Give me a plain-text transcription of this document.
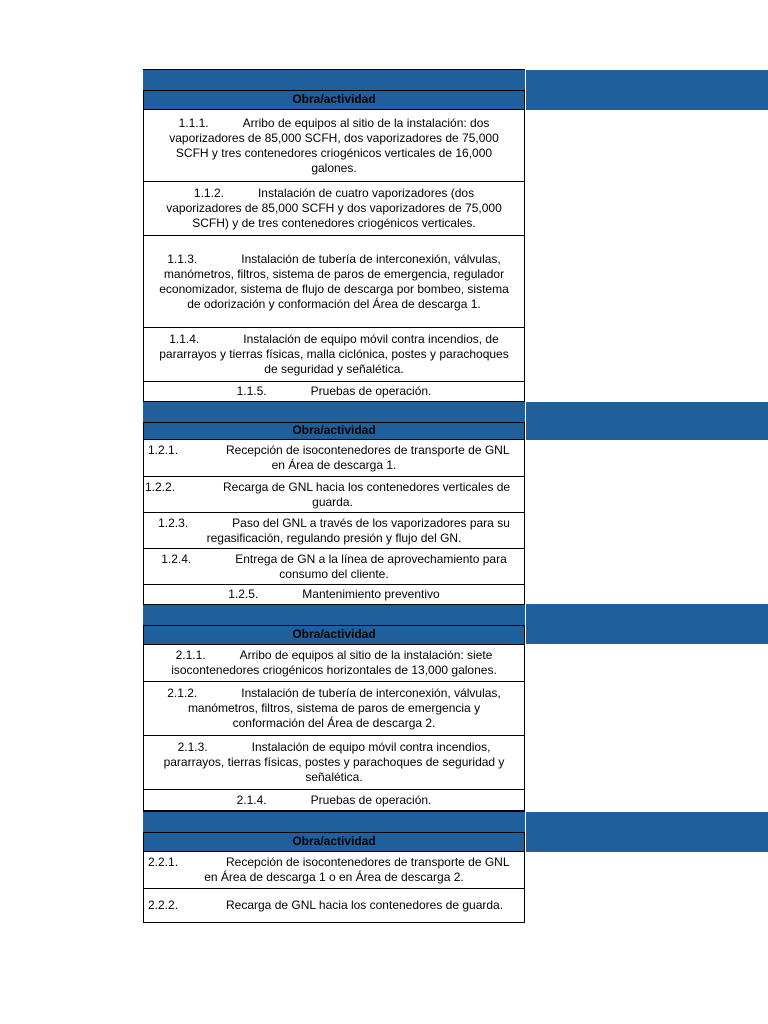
Obra/actividad
1.1.1.	Arribo de equipos al sitio de la instalación: dos
vaporizadores de 85,000 SCFH, dos vaporizadores de 75,000
SCFH y tres contenedores criogénicos verticales de 16,000
galones.
1.1.2.	Instalación de cuatro vaporizadores (dos
vaporizadores de 85,000 SCFH y dos vaporizadores de 75,000
SCFH) y de tres contenedores criogénicos verticales.
1.1.3.	Instalación de tubería de interconexión, válvulas,
manómetros, filtros, sistema de paros de emergencia, regulador
economizador, sistema de flujo de descarga por bombeo, sistema
de odorización y conformación del Área de descarga 1.
1.1.4.	Instalación de equipo móvil contra incendios, de
pararrayos y tierras físicas, malla ciclónica, postes y parachoques
de seguridad y señalética.
1.1.5.	Pruebas de operación.
Obra/actividad
1.2.1.	Recepción de isocontenedores de transporte de GNL

en Área de descarga 1.
1.2.2.	Recarga de GNL hacia los contenedores verticales de

guarda.
1.2.3.	Paso del GNL a través de los vaporizadores para su
regasificación, regulando presión y flujo del GN.
1.2.4.	Entrega de GN a la línea de aprovechamiento para
consumo del cliente.
1.2.5.	Mantenimiento preventivo
Obra/actividad
2.1.1.	Arribo de equipos al sitio de la instalación: siete
isocontenedores criogénicos horizontales de 13,000 galones.
2.1.2.	Instalación de tubería de interconexión, válvulas,
manómetros, filtros, sistema de paros de emergencia y
conformación del Área de descarga 2.
2.1.3.	Instalación de equipo móvil contra incendios,
pararrayos, tierras físicas, postes y parachoques de seguridad y
señalética.
2.1.4.	Pruebas de operación.
Obra/actividad
2.2.1.	Recepción de isocontenedores de transporte de GNL

en Área de descarga 1 o en Área de descarga 2.
2.2.2.	Recarga de GNL hacia los contenedores de guarda.
